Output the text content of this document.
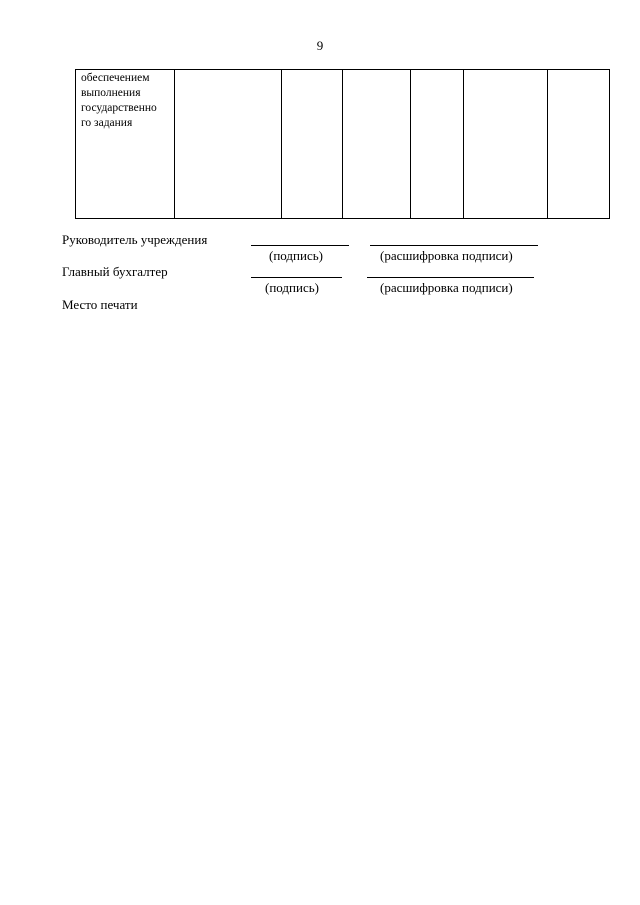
9
обеспечением
выполнения
государственно
го задания

Руководитель учреждения
(подпись)	(расшифровка подписи)
Главный бухгалтер
(подпись)	(расшифровка подписи)
Место печати
